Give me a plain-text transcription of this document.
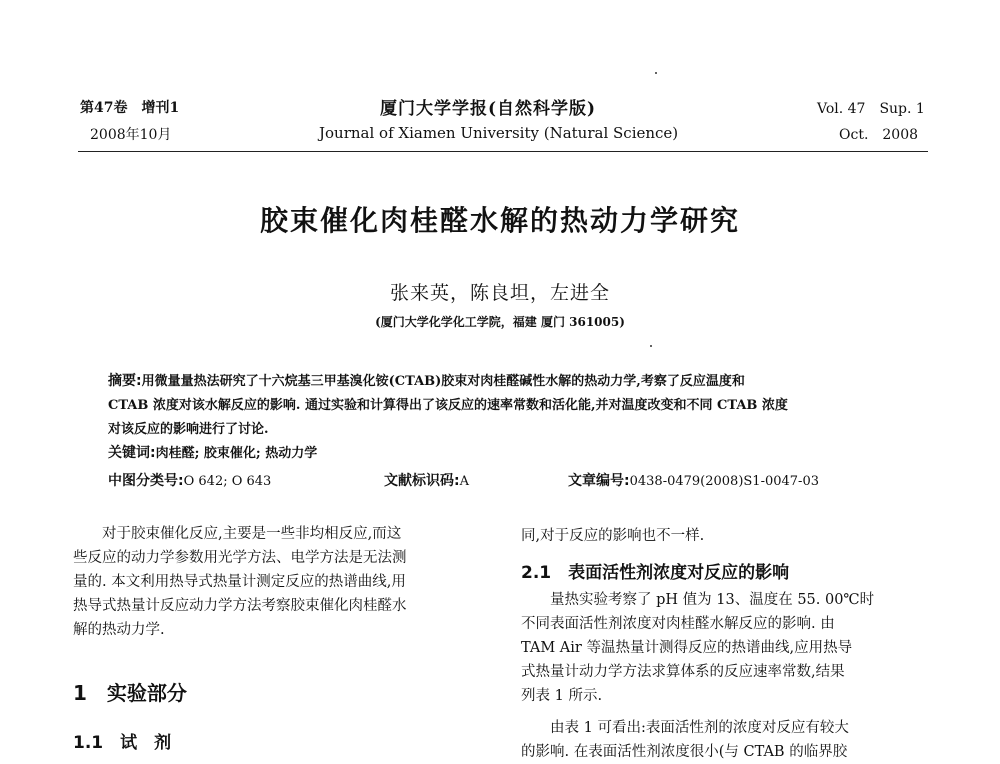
第47卷　增刊1
2008年10月
厦门大学学报(自然科学版)
Journal of Xiamen University (Natural Science)
Vol. 47　Sup. 1
Oct.　2008
胶束催化肉桂醛水解的热动力学研究
张来英，陈良坦，左进全
(厦门大学化学化工学院，福建 厦门 361005)
摘要:用微量量热法研究了十六烷基三甲基溴化铵(CTAB)胶束对肉桂醛碱性水解的热动力学,考察了反应温度和
CTAB 浓度对该水解反应的影响. 通过实验和计算得出了该反应的速率常数和活化能,并对温度改变和不同 CTAB 浓度
对该反应的影响进行了讨论.
关键词:肉桂醛; 胶束催化; 热动力学
中图分类号:O 642; O 643	文献标识码:A	文章编号:0438-0479(2008)S1-0047-03
　　对于胶束催化反应,主要是一些非均相反应,而这
些反应的动力学参数用光学方法、电学方法是无法测
量的. 本文利用热导式热量计测定反应的热谱曲线,用
热导式热量计反应动力学方法考察胶束催化肉桂醛水
解的热动力学.
1　实验部分
1.1　试　剂
同,对于反应的影响也不一样.
2.1　表面活性剂浓度对反应的影响
　　量热实验考察了 pH 值为 13、温度在 55. 00℃时
不同表面活性剂浓度对肉桂醛水解反应的影响. 由
TAM Air 等温热量计测得反应的热谱曲线,应用热导
式热量计动力学方法求算体系的反应速率常数,结果
列表 1 所示.
　　由表 1 可看出:表面活性剂的浓度对反应有较大
的影响. 在表面活性剂浓度很小(与 CTAB 的临界胶
